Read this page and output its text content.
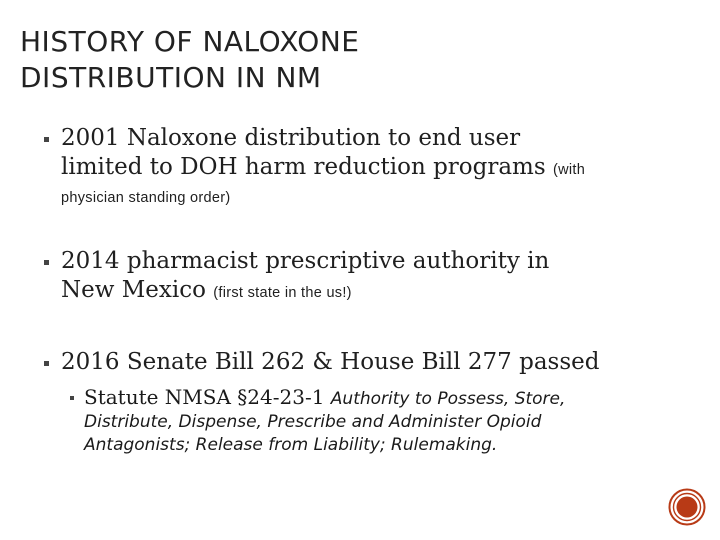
HISTORY OF NALOXONE
DISTRIBUTION IN NM
2001 Naloxone distribution to end user
limited to DOH harm reduction programs (with
physician standing order)
2014 pharmacist prescriptive authority in
New Mexico (first state in the us!)
2016 Senate Bill 262 & House Bill 277 passed
Statute NMSA §24-23-1 Authority to Possess, Store,
Distribute, Dispense, Prescribe and Administer Opioid
Antagonists; Release from Liability; Rulemaking.
